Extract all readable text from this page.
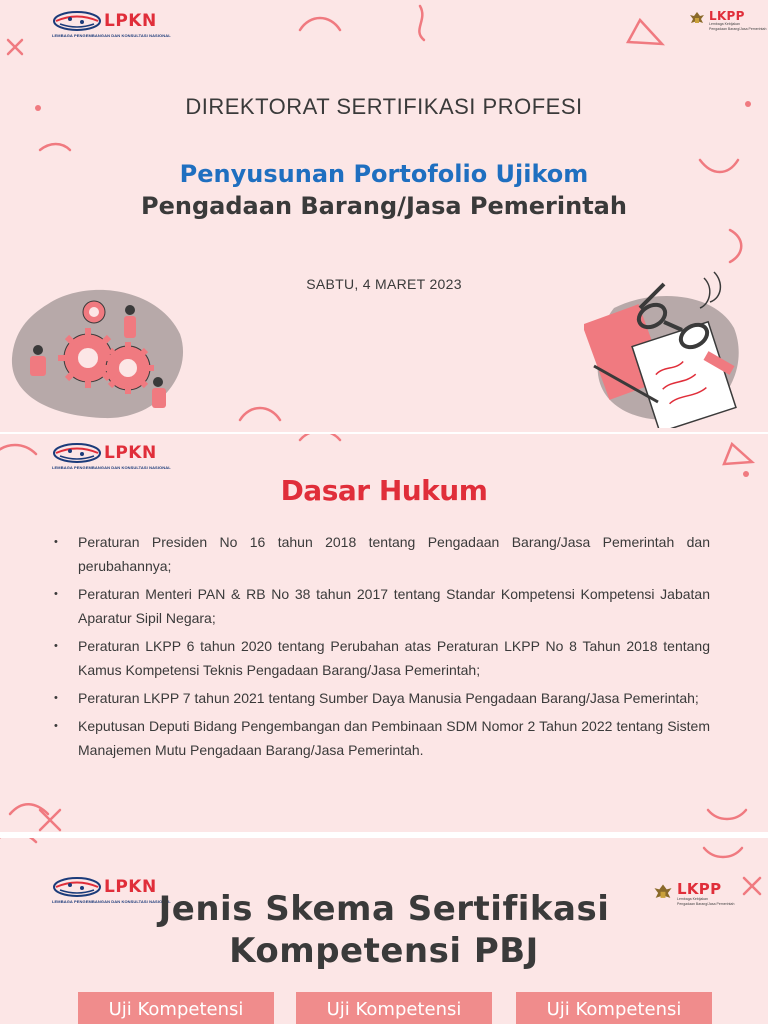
LPKN
LEMBAGA PENGEMBANGAN DAN KONSULTASI NASIONAL
LKPP
Lembaga Kebijakan
Pengadaan Barang/Jasa Pemerintah
DIREKTORAT SERTIFIKASI PROFESI
Penyusunan Portofolio Ujikom
Pengadaan Barang/Jasa Pemerintah
SABTU, 4 MARET 2023
LPKN
LEMBAGA PENGEMBANGAN DAN KONSULTASI NASIONAL
Dasar Hukum
• Peraturan Presiden No 16 tahun 2018 tentang Pengadaan Barang/Jasa Pemerintah dan perubahannya;
• Peraturan Menteri PAN & RB No 38 tahun 2017 tentang Standar Kompetensi Kompetensi Jabatan Aparatur Sipil Negara;
• Peraturan LKPP 6 tahun 2020 tentang Perubahan atas Peraturan LKPP No 8 Tahun 2018 tentang Kamus Kompetensi Teknis Pengadaan Barang/Jasa Pemerintah;
• Peraturan LKPP 7 tahun 2021 tentang Sumber Daya Manusia Pengadaan Barang/Jasa Pemerintah;
• Keputusan Deputi Bidang Pengembangan dan Pembinaan SDM Nomor 2 Tahun 2022 tentang Sistem Manajemen Mutu Pengadaan Barang/Jasa Pemerintah.
LPKN
LEMBAGA PENGEMBANGAN DAN KONSULTASI NASIONAL
LKPP
Lembaga Kebijakan
Pengadaan Barang/Jasa Pemerintah
Jenis Skema Sertifikasi
Kompetensi PBJ
Uji Kompetensi	Uji Kompetensi	Uji Kompetensi
